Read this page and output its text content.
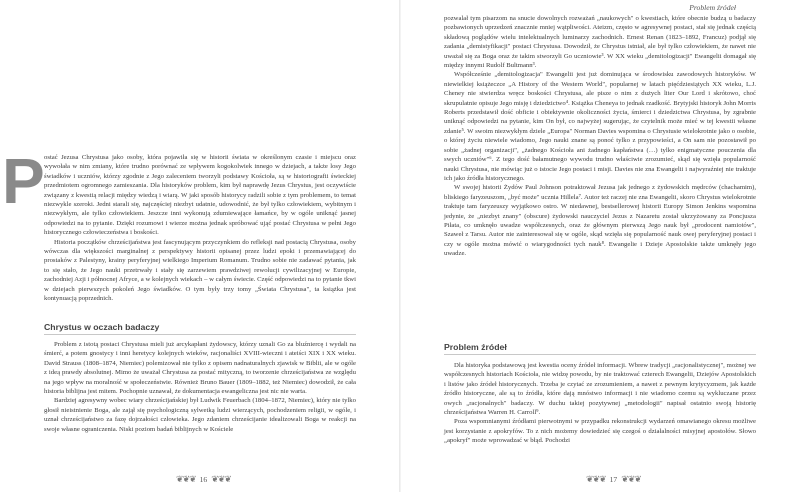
P ostać Jezusa Chrystusa jako osoby, która pojawiła się w historii świata w określonym czasie i miejscu oraz wywołała w nim zmiany, które trudno porównać ze wpływem kogokolwiek innego w dziejach, a także losy Jego świadków i uczniów, którzy zgodnie z Jego zaleceniem tworzyli podstawy Kościoła, są w historiografii świeckiej przedmiotem ogromnego zamieszania. Dla historyków problem, kim był naprawdę Jezus Chrystus, jest oczywiście związany z kwestią relacji między wiedzą i wiarą. W jaki sposób historycy radzili sobie z tym problemem, to temat niezwykle szeroki. Jedni starali się, najczęściej niezbyt udatnie, udowodnić, że był tylko człowiekiem, wybitnym i niezwykłym, ale tylko człowiekiem. Jeszcze inni wykonują zdumiewające łamańce, by w ogóle uniknąć jasnej odpowiedzi na to pytanie. Dzięki rozumowi i wierze można jednak spróbować ująć postać Chrystusa w pełni Jego historycznego człowieczeństwa i boskości.

Historia początków chrześcijaństwa jest fascynującym przyczynkiem do refleksji nad postacią Chrystusa, osoby wówczas dla większości marginalnej z perspektywy historii opisanej przez ludzi epoki i przemawiającej do prostaków z Palestyny, krainy peryferyjnej wielkiego Imperium Romanum. Trudno sobie nie zadawać pytania, jak to się stało, że Jego nauki przetrwały i stały się zarzewiem prawdziwej rewolucji cywilizacyjnej w Europie, zachodniej Azji i północnej Afryce, a w kolejnych wiekach – w całym świecie. Część odpowiedzi na to pytanie tkwi w dziejach pierwszych pokoleń Jego świadków. O tym były trzy tomy „Świata Chrystusa", ta książka jest kontynuacją poprzednich.

Chrystus w oczach badaczy

Problem z istotą postaci Chrystusa mieli już arcykapłani żydowscy, którzy uznali Go za bluźniercę i wydali na śmierć, a potem gnostycy i inni heretycy kolejnych wieków, racjonaliści XVIII-wieczni i ateiści XIX i XX wieku. David Strauss (1808–1874, Niemiec) polemizował nie tylko z opisem nadnaturalnych zjawisk w Biblii, ale w ogóle z ideą prawdy absolutnej. Mimo że uważał Chrystusa za postać mityczną, to tworzenie chrześcijaństwa ze względu na jego wpływ na moralność w społeczeństwie. Również Bruno Bauer (1809–1882, też Niemiec) dowodził, że cała historia biblijna jest mitem. Pochopnie uznawał, że dokumentacja ewangeliczna jest nic nie warta.

Bardziej agresywny wobec wiary chrześcijańskiej był Ludwik Feuerbach (1804–1872, Niemiec), który nie tylko głosił nieistnienie Boga, ale zajął się psychologiczną sylwetką ludzi wierzących, pochodzeniem religii, w ogóle, i uznał chrześcijaństwo za fazę dojrzałości człowieka. Jego zdaniem chrześcijanie idealizowali Boga w reakcji na swoje własne ograniczenia. Niski poziom badań biblijnych w Kościele

❦❦❦ 16 ❦❦❦
Problem źródeł

pozwalał tym pisarzom na snucie dowolnych rozważań „naukowych" o kwestiach, które obecnie budzą u badaczy pozbawionych uprzedzeń znacznie mniej wątpliwości. Ateizm, często w agresywnej postaci, stał się jednak częścią składową poglądów wielu intelektualnych luminarzy zachodnich. Ernest Renan (1823–1892, Francuz) podjął się zadania „demistyfikacji" postaci Chrystusa. Dowodził, że Chrystus istniał, ale był tylko człowiekiem, że nawet nie uważał się za Boga oraz że takim stworzyli Go uczniowie³. W XX wieku „demitologizacji" Ewangelii domagał się między innymi Rudolf Bultmann³.

Współcześnie „demitologizacja" Ewangelii jest już dominująca w środowisku zawodowych historyków. W niewielkiej książeczce „A History of the Western World", popularnej w latach pięćdziesiątych XX wieku, L.J. Cheney nie stwierdza wręcz boskości Chrystusa, ale pisze o nim z dużych liter Our Lord i skrótowo, choć skrupulatnie opisuje Jego misję i dziedzictwo⁴. Książka Cheneya to jednak rzadkość. Brytyjski historyk John Morris Roberts przedstawił dość obficie i obiektywnie okoliczności życia, śmierci i dziedzictwa Chrystusa, by zgrabnie uniknąć odpowiedzi na pytanie, kim On był, co najwyżej sugerując, że czytelnik może mieć w tej kwestii własne zdanie⁵. W swoim niezwykłym dziele „Europa" Norman Davies wspomina o Chrystusie wielokrotnie jako o osobie, o której życiu niewiele wiadomo, Jego nauki znane są ponoć tylko z przypowieści, a On sam nie pozostawił po sobie „żadnej organizacji", „żadnego Kościoła ani żadnego kapłaństwa (…) tylko enigmatyczne pouczenia dla swych uczniów"⁶. Z tego dość bałamutnego wywodu trudno właściwie zrozumieć, skąd się wzięła popularność nauki Chrystusa, nie mówiąc już o istocie Jego postaci i misji. Davies nie zna Ewangelii i najwyraźniej nie traktuje ich jako źródła historycznego.

W swojej historii Żydów Paul Johnson potraktował Jezusa jak jednego z żydowskich mędrców (chachamim), bliskiego faryzeuszom, „być może" ucznia Hillela⁷. Autor też raczej nie zna Ewangelii, skoro Chrystus wielokrotnie traktuje tam faryzeuszy wyjątkowo ostro. W niedawnej, bestsellerowej historii Europy Simon Jenkins wspomina jedynie, że „niezbyt znany" (obscure) żydowski nauczyciel Jezus z Nazaretu został ukrzyżowany za Poncjusza Piłata, co umknęło uwadze współczesnych, oraz że głównym pierwszą Jego nauk był „prodocent namiotów", Szaweł z Tarsu. Autor nie zainteresował się w ogóle, skąd wzięła się popularność nauk owej peryferyjnej postaci i czy w ogóle można mówić o wiarygodności tych nauk⁸. Ewangelie i Dzieje Apostolskie także umknęły jego uwadze.

Problem źródeł

Dla historyka podstawową jest kwestia oceny źródeł informacji. Wbrew tradycji „racjonalistycznej", możnej we współczesnych historiach Kościoła, nie widzę powodu, by nie traktować czterech Ewangelii, Dziejów Apostolskich i listów jako źródeł historycznych. Trzeba je czytać ze zrozumieniem, a nawet z pewnym krytycyzmem, jak każde źródło historyczne, ale są to źródła, które dają mnóstwo informacji i nie wiadomo czemu są wykluczane przez owych „racjonalnych" badaczy. W duchu takiej pozytywnej „metodologii" napisał ostatnio swoją historię chrześcijaństwa Warren H. Carroll⁹.

Poza wspomnianymi źródłami pierwotnymi w przypadku rekonstrukcji wydarzeń omawianego okresu możliwe jest korzystanie z apokryfów. To z nich możemy dowiedzieć się czegoś o działalności misyjnej apostołów. Słowo „apokryf" może wprowadzać w błąd. Pochodzi

❦❦❦ 17 ❦❦❦
